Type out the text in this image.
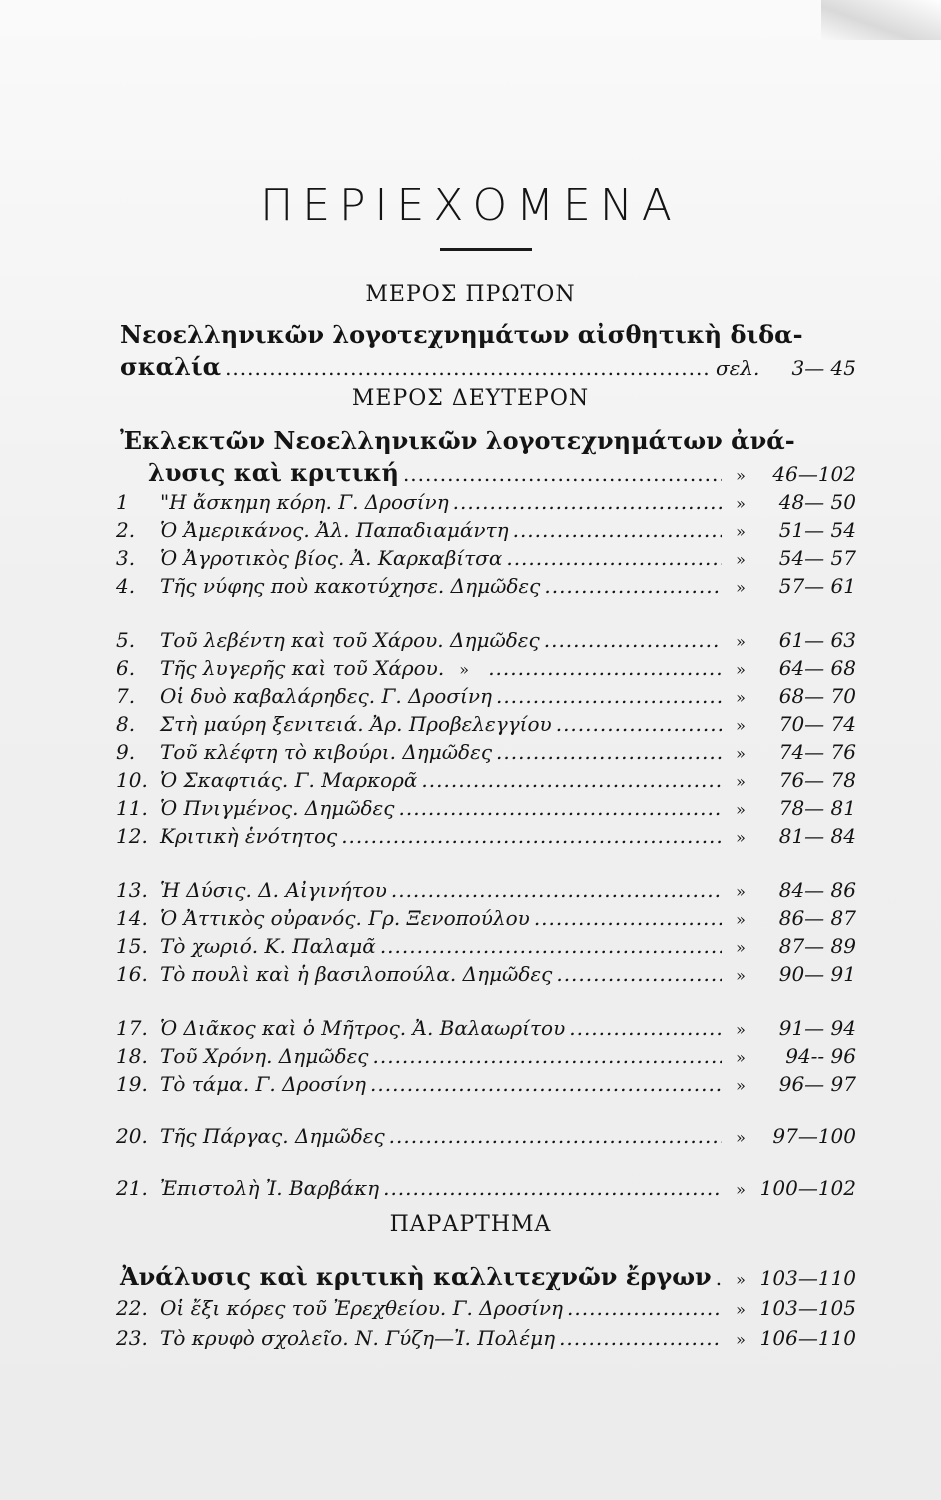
ΠΕΡΙΕΧΟΜΕΝΑ
ΜΕΡΟΣ ΠΡΩΤΟΝ
Νεοελληνικῶν λογοτεχνημάτων αἰσθητικὴ διδα-
σκαλία .....	σελ.	3— 45
ΜΕΡΟΣ ΔΕΥΤΕΡΟΝ
Ἐκλεκτῶν Νεοελληνικῶν λογοτεχνημάτων ἀνά-
λυσις καὶ κριτική .....	»	46—102
1	"Η ἄσκημη κόρη. Γ. Δροσίνη .....	»	48— 50
2.	Ὁ Ἀμερικάνος. Ἀλ. Παπαδιαμάντη .....	»	51— 54
3.	Ὁ Ἀγροτικὸς βίος. Ἀ. Καρκαβίτσα .....	»	54— 57
4.	Τῆς νύφης ποὺ κακοτύχησε. Δημῶδες .....	»	57— 61
5.	Τοῦ λεβέντη καὶ τοῦ Χάρου. Δημῶδες .....	»	61— 63
6.	Τῆς λυγερῆς καὶ τοῦ Χάρου. » .....	»	64— 68
7.	Οἱ δυὸ καβαλάρηδες. Γ. Δροσίνη .....	»	68— 70
8.	Στὴ μαύρη ξενιτειά. Ἀρ. Προβελεγγίου .....	»	70— 74
9.	Τοῦ κλέφτη τὸ κιβούρι. Δημῶδες .....	»	74— 76
10. Ὁ Σκαφτιάς. Γ. Μαρκορᾶ .....	»	76— 78
11. Ὁ Πνιγμένος. Δημῶδες .....	»	78— 81
12. Κριτικὴ ἑνότητος .....	»	81— 84
13. Ἡ Δύσις. Δ. Αἰγινήτου .....	»	84— 86
14. Ὁ Ἀττικὸς οὐρανός. Γρ. Ξενοπούλου .....	»	86— 87
15. Τὸ χωριό. Κ. Παλαμᾶ .....	»	87— 89
16. Τὸ πουλὶ καὶ ἡ βασιλοπούλα. Δημῶδες .....	»	90— 91
17. Ὁ Διᾶκος καὶ ὁ Μῆτρος. Ἀ. Βαλαωρίτου .....	»	91— 94
18. Τοῦ Χρόνη. Δημῶδες .....	»	94-- 96
19. Τὸ τάμα. Γ. Δροσίνη .....	»	96— 97
20. Τῆς Πάργας. Δημῶδες .....	»	97—100
21. Ἐπιστολὴ Ἰ. Βαρβάκη .....	» 100—102
ΠΑΡΑΡΤΗΜΑ
Ἀνάλυσις καὶ κριτικὴ καλλιτεχνῶν ἔργων .....	» 103—110
22. Οἱ ἔξι κόρες τοῦ Ἐρεχθείου. Γ. Δροσίνη .....	» 103—105
23. Τὸ κρυφὸ σχολεῖο. Ν. Γύζη—Ἰ. Πολέμη .....	» 106—110
